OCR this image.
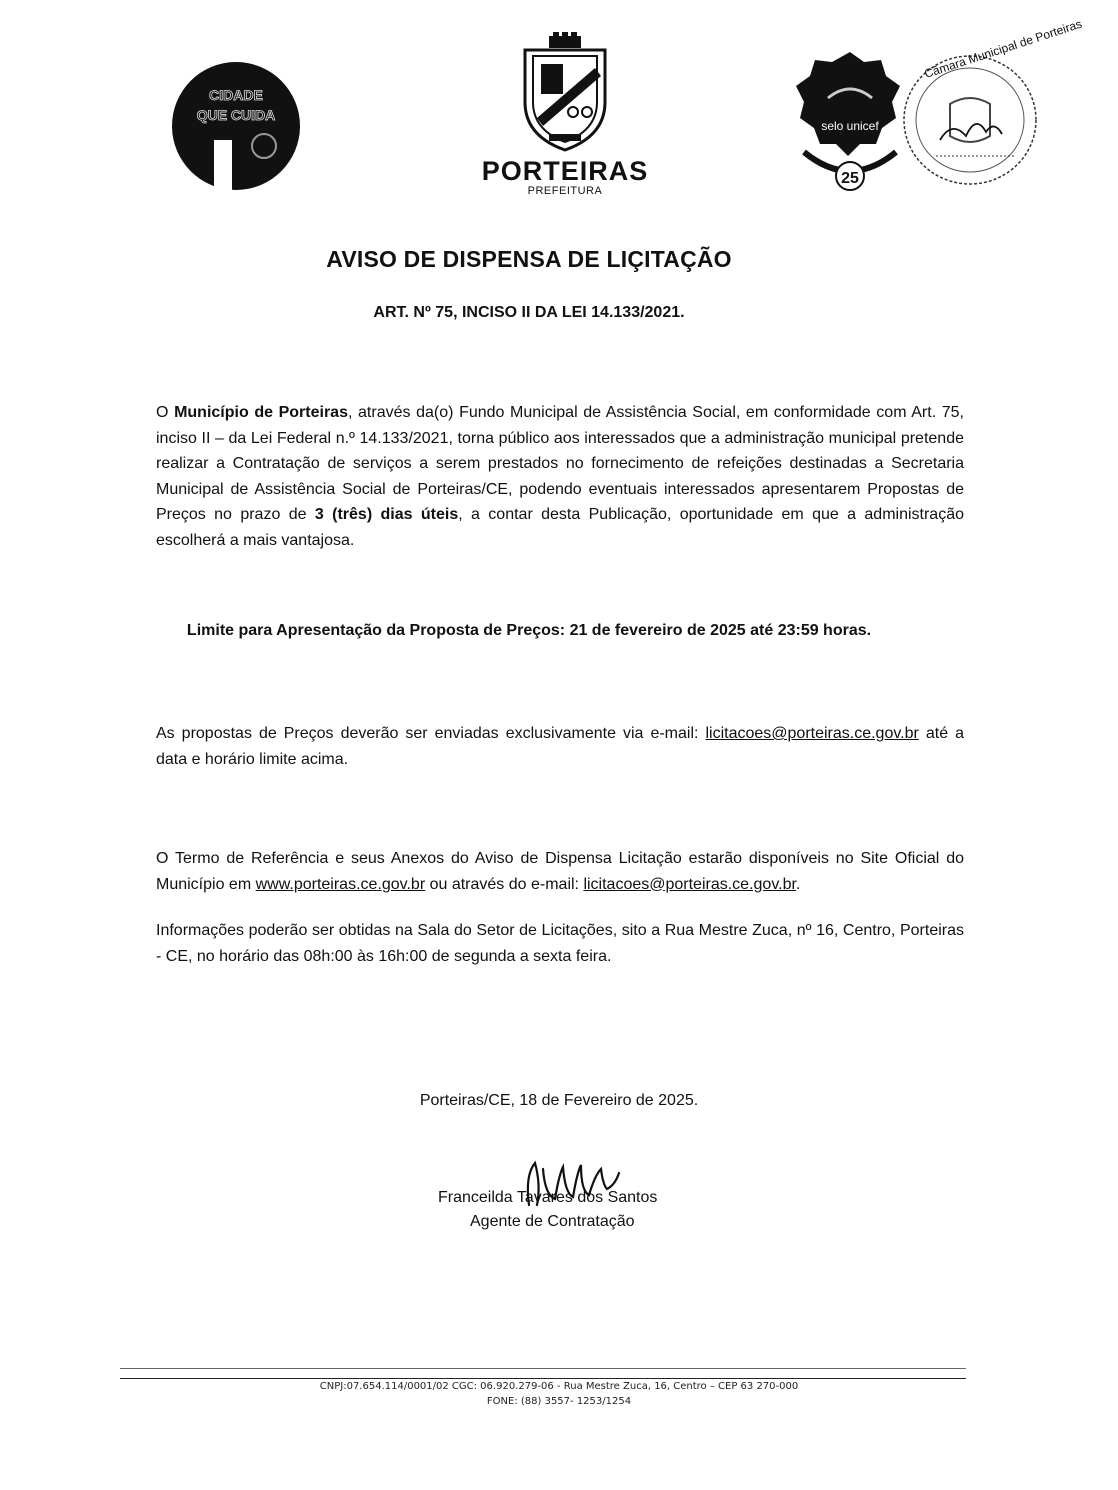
CIDADE
QUE CUIDA
PORTEIRAS
PREFEITURA
25
selo unicef
Câmara Municipal de Porteiras
AVISO DE DISPENSA DE LIÇITAÇÃO
ART. Nº 75, INCISO II DA LEI 14.133/2021.
O Município de Porteiras, através da(o) Fundo Municipal de Assistência Social, em conformidade com Art. 75, inciso II – da Lei Federal n.º 14.133/2021, torna público aos interessados que a administração municipal pretende realizar a Contratação de serviços a serem prestados no fornecimento de refeições destinadas a Secretaria Municipal de Assistência Social de Porteiras/CE, podendo eventuais interessados apresentarem Propostas de Preços no prazo de 3 (três) dias úteis, a contar desta Publicação, oportunidade em que a administração escolherá a mais vantajosa.
Limite para Apresentação da Proposta de Preços: 21 de fevereiro de 2025 até 23:59 horas.
As propostas de Preços deverão ser enviadas exclusivamente via e-mail: licitacoes@porteiras.ce.gov.br até a data e horário limite acima.
O Termo de Referência e seus Anexos do Aviso de Dispensa Licitação estarão disponíveis no Site Oficial do Município em www.porteiras.ce.gov.br ou através do e-mail: licitacoes@porteiras.ce.gov.br.
Informações poderão ser obtidas na Sala do Setor de Licitações, sito a Rua Mestre Zuca, nº 16, Centro, Porteiras - CE, no horário das 08h:00 às 16h:00 de segunda a sexta feira.
Porteiras/CE, 18 de Fevereiro de 2025.
Franceilda Tavares dos Santos
Agente de Contratação
CNPJ:07.654.114/0001/02 CGC: 06.920.279-06 - Rua Mestre Zuca, 16, Centro – CEP 63 270-000
FONE: (88) 3557- 1253/1254
